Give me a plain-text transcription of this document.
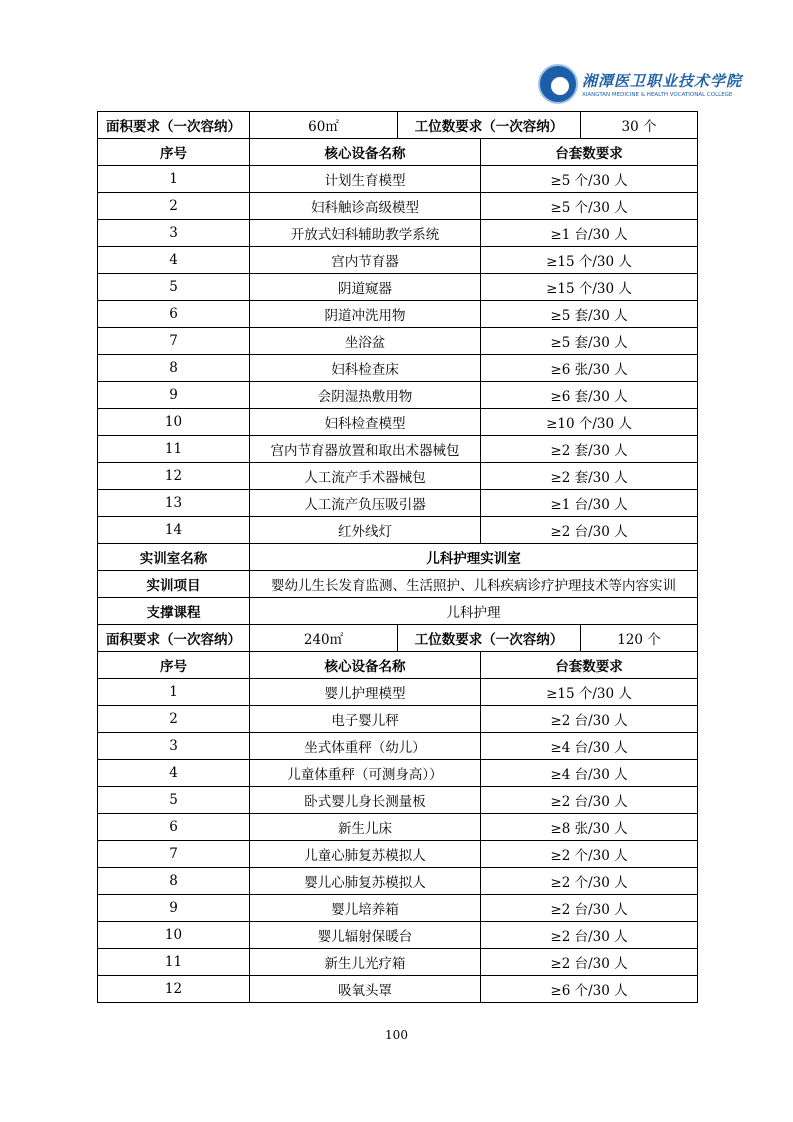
湘潭医卫职业技术学院
XIANGTAN MEDICINE & HEALTH VOCATIONAL COLLEGE
面积要求（一次容纳）	60㎡	工位数要求（一次容纳）		30 个
序号	核心设备名称		台套数要求	
1	计划生育模型		≥5 个/30 人	
2	妇科触诊高级模型		≥5 个/30 人	
3	开放式妇科辅助教学系统		≥1 台/30 人	
4	宫内节育器		≥15 个/30 人	
5	阴道窥器		≥15 个/30 人	
6	阴道冲洗用物		≥5 套/30 人	
7	坐浴盆		≥5 套/30 人	
8	妇科检查床		≥6 张/30 人	
9	会阴湿热敷用物		≥6 套/30 人	
10	妇科检查模型		≥10 个/30 人	
11	宫内节育器放置和取出术器械包		≥2 套/30 人	
12	人工流产手术器械包		≥2 套/30 人	
13	人工流产负压吸引器		≥1 台/30 人	
14	红外线灯		≥2 台/30 人	
实训室名称	儿科护理实训室			
实训项目	婴幼儿生长发育监测、生活照护、儿科疾病诊疗护理技术等内容实训			
支撑课程	儿科护理			
面积要求（一次容纳）	240㎡	工位数要求（一次容纳）		120 个
序号	核心设备名称		台套数要求	
1	婴儿护理模型		≥15 个/30 人	
2	电子婴儿秤		≥2 台/30 人	
3	坐式体重秤（幼儿）		≥4 台/30 人	
4	儿童体重秤（可测身高））		≥4 台/30 人	
5	卧式婴儿身长测量板		≥2 台/30 人	
6	新生儿床		≥8 张/30 人	
7	儿童心肺复苏模拟人		≥2 个/30 人	
8	婴儿心肺复苏模拟人		≥2 个/30 人	
9	婴儿培养箱		≥2 台/30 人	
10	婴儿辐射保暖台		≥2 台/30 人	
11	新生儿光疗箱		≥2 台/30 人	
12	吸氧头罩		≥6 个/30 人	
100
